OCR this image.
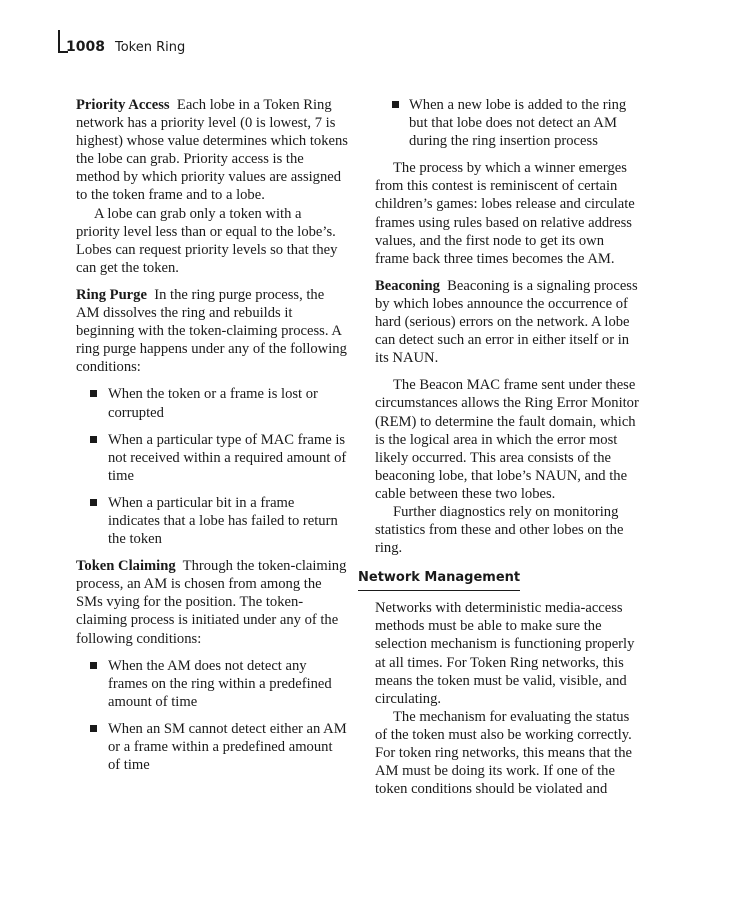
1008 $_{Token Ring}$

Priority Access Each lobe in a Token Ring network has a priority level (0 is lowest, 7 is highest) whose value determines which tokens the lobe can grab. Priority access is the method by which priority values are assigned to the token frame and to a lobe.
A lobe can grab only a token with a priority level less than or equal to the lobe’s. Lobes can request priority levels so that they can get the token.

Ring Purge In the ring purge process, the AM dissolves the ring and rebuilds it beginning with the token-claiming process. A ring purge happens under any of the following conditions:

When the token or a frame is lost or corrupted
When a particular type of MAC frame is not received within a required amount of time
When a particular bit in a frame indicates that a lobe has failed to return the token

Token Claiming Through the token-claiming process, an AM is chosen from among the SMs vying for the position. The token-claiming process is initiated under any of the following conditions:

When the AM does not detect any frames on the ring within a predefined amount of time
When an SM cannot detect either an AM or a frame within a predefined amount of time
When a new lobe is added to the ring but that lobe does not detect an AM during the ring insertion process

The process by which a winner emerges from this contest is reminiscent of certain children’s games: lobes release and circulate frames using rules based on relative address values, and the first node to get its own frame back three times becomes the AM.

Beaconing Beaconing is a signaling process by which lobes announce the occurrence of hard (serious) errors on the network. A lobe can detect such an error in either itself or in its NAUN.

The Beacon MAC frame sent under these circumstances allows the Ring Error Monitor (REM) to determine the fault domain, which is the logical area in which the error most likely occurred. This area consists of the beaconing lobe, that lobe’s NAUN, and the cable between these two lobes.

Further diagnostics rely on monitoring statistics from these and other lobes on the ring.

Network Management

Networks with deterministic media-access methods must be able to make sure the selection mechanism is functioning properly at all times. For Token Ring networks, this means the token must be valid, visible, and circulating.

The mechanism for evaluating the status of the token must also be working correctly. For token ring networks, this means that the AM must be doing its work. If one of the token conditions should be violated and
